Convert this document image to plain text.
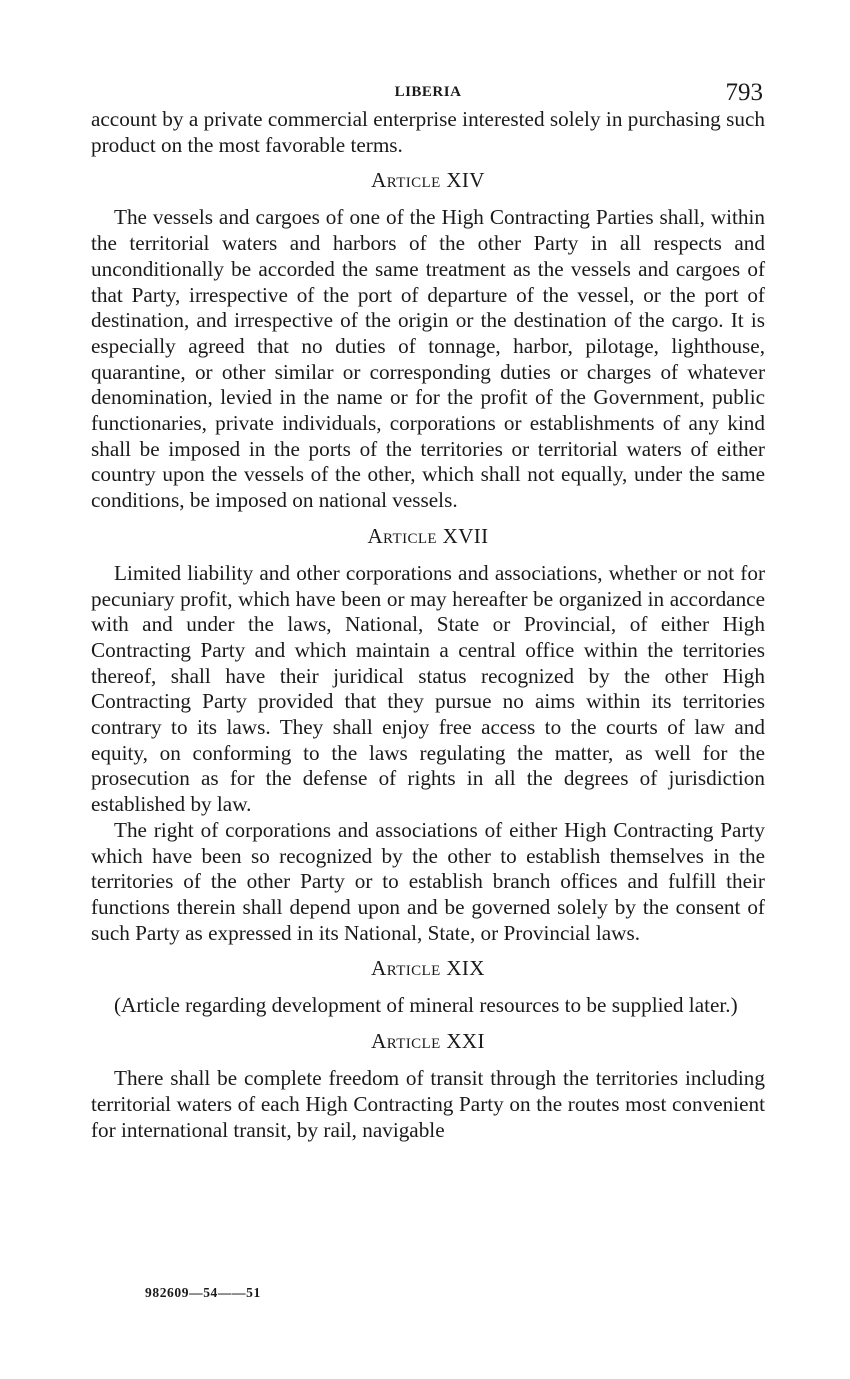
LIBERIA	793

account by a private commercial enterprise interested solely in purchasing such product on the most favorable terms.

Article XIV

The vessels and cargoes of one of the High Contracting Parties shall, within the territorial waters and harbors of the other Party in all respects and unconditionally be accorded the same treatment as the vessels and cargoes of that Party, irrespective of the port of departure of the vessel, or the port of destination, and irrespective of the origin or the destination of the cargo. It is especially agreed that no duties of tonnage, harbor, pilotage, lighthouse, quarantine, or other similar or corresponding duties or charges of whatever denomination, levied in the name or for the profit of the Government, public functionaries, private individuals, corporations or establishments of any kind shall be imposed in the ports of the territories or territorial waters of either country upon the vessels of the other, which shall not equally, under the same conditions, be imposed on national vessels.

Article XVII

Limited liability and other corporations and associations, whether or not for pecuniary profit, which have been or may hereafter be organized in accordance with and under the laws, National, State or Provincial, of either High Contracting Party and which maintain a central office within the territories thereof, shall have their juridical status recognized by the other High Contracting Party provided that they pursue no aims within its territories contrary to its laws. They shall enjoy free access to the courts of law and equity, on conforming to the laws regulating the matter, as well for the prosecution as for the defense of rights in all the degrees of jurisdiction established by law.

The right of corporations and associations of either High Contracting Party which have been so recognized by the other to establish themselves in the territories of the other Party or to establish branch offices and fulfill their functions therein shall depend upon and be governed solely by the consent of such Party as expressed in its National, State, or Provincial laws.

Article XIX

(Article regarding development of mineral resources to be supplied later.)

Article XXI

There shall be complete freedom of transit through the territories including territorial waters of each High Contracting Party on the routes most convenient for international transit, by rail, navigable

982609—54——51
